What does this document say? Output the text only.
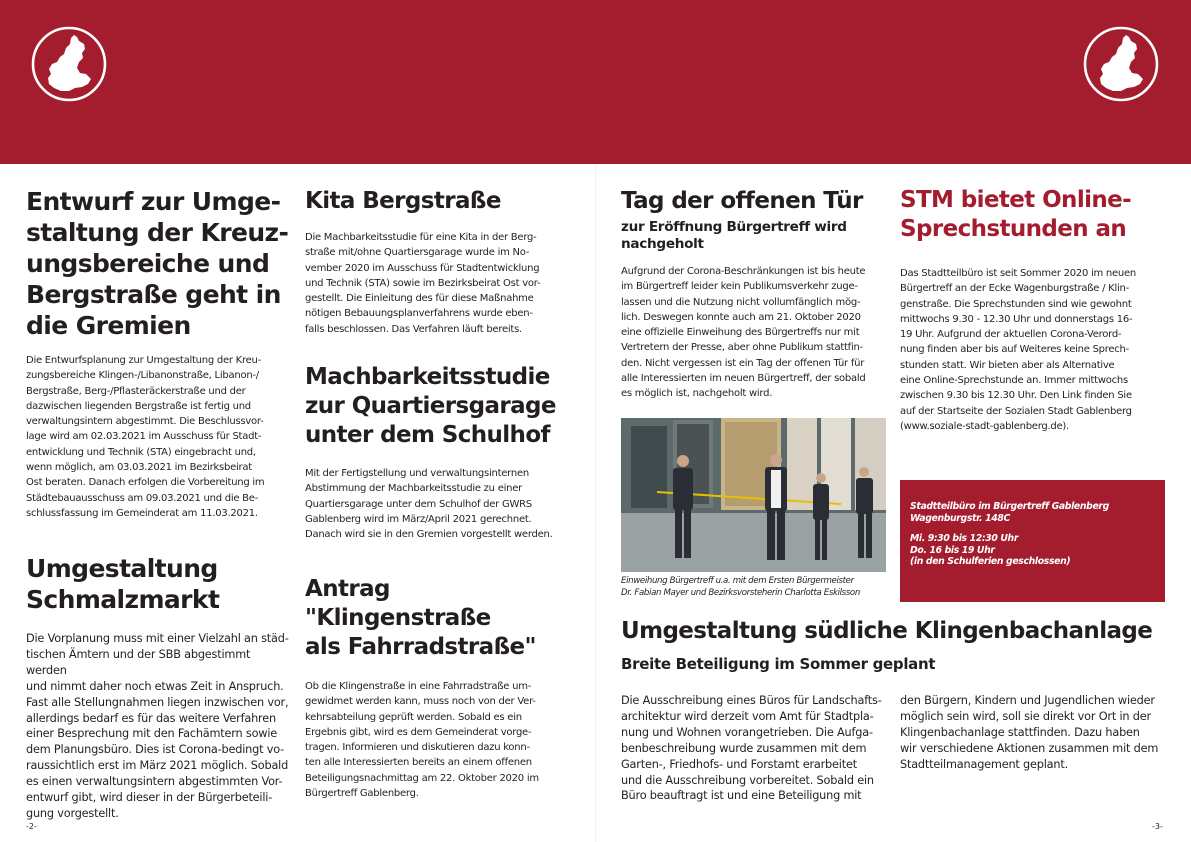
Entwurf zur Umge-
staltung der Kreuz-
ungsbereiche und
Bergstraße geht in
die Gremien

Die Entwurfsplanung zur Umgestaltung der Kreu-
zungsbereiche Klingen-/Libanonstraße, Libanon-/
Bergstraße, Berg-/Pflasteräckerstraße und der
dazwischen liegenden Bergstraße ist fertig und
verwaltungsintern abgestimmt. Die Beschlussvor-
lage wird am 02.03.2021 im Ausschuss für Stadt-
entwicklung und Technik (STA) eingebracht und,
wenn möglich, am 03.03.2021 im Bezirksbeirat
Ost beraten. Danach erfolgen die Vorbereitung im
Städtebauausschuss am 09.03.2021 und die Be-
schlussfassung im Gemeinderat am 11.03.2021.

Umgestaltung
Schmalzmarkt

Die Vorplanung muss mit einer Vielzahl an städ-
tischen Ämtern und der SBB abgestimmt werden
und nimmt daher noch etwas Zeit in Anspruch.
Fast alle Stellungnahmen liegen inzwischen vor,
allerdings bedarf es für das weitere Verfahren
einer Besprechung mit den Fachämtern sowie
dem Planungsbüro. Dies ist Corona-bedingt vo-
raussichtlich erst im März 2021 möglich. Sobald
es einen verwaltungsintern abgestimmten Vor-
entwurf gibt, wird dieser in der Bürgerbeteili-
gung vorgestellt.

Kita Bergstraße

Die Machbarkeitsstudie für eine Kita in der Berg-
straße mit/ohne Quartiersgarage wurde im No-
vember 2020 im Ausschuss für Stadtentwicklung
und Technik (STA) sowie im Bezirksbeirat Ost vor-
gestellt. Die Einleitung des für diese Maßnahme
nötigen Bebauungsplanverfahrens wurde eben-
falls beschlossen. Das Verfahren läuft bereits.

Machbarkeitsstudie
zur Quartiersgarage
unter dem Schulhof

Mit der Fertigstellung und verwaltungsinternen
Abstimmung der Machbarkeitsstudie zu einer
Quartiersgarage unter dem Schulhof der GWRS
Gablenberg wird im März/April 2021 gerechnet.
Danach wird sie in den Gremien vorgestellt werden.

Antrag "Klingenstraße
als Fahrradstraße"

Ob die Klingenstraße in eine Fahrradstraße um-
gewidmet werden kann, muss noch von der Ver-
kehrsabteilung geprüft werden. Sobald es ein
Ergebnis gibt, wird es dem Gemeinderat vorge-
tragen. Informieren und diskutieren dazu konn-
ten alle Interessierten bereits an einem offenen
Beteiligungsnachmittag am 22. Oktober 2020 im
Bürgertreff Gablenberg.

-2-
Tag der offenen Tür
zur Eröffnung Bürgertreff wird
nachgeholt

Aufgrund der Corona-Beschränkungen ist bis heute
im Bürgertreff leider kein Publikumsverkehr zuge-
lassen und die Nutzung nicht vollumfänglich mög-
lich. Deswegen konnte auch am 21. Oktober 2020
eine offizielle Einweihung des Bürgertreffs nur mit
Vertretern der Presse, aber ohne Publikum stattfin-
den. Nicht vergessen ist ein Tag der offenen Tür für
alle Interessierten im neuen Bürgertreff, der sobald
es möglich ist, nachgeholt wird.

Einweihung Bürgertreff u.a. mit dem Ersten Bürgermeister
Dr. Fabian Mayer und Bezirksvorsteherin Charlotta Eskilsson
STM bietet Online-
Sprechstunden an

Das Stadtteilbüro ist seit Sommer 2020 im neuen
Bürgertreff an der Ecke Wagenburgstraße / Klin-
genstraße. Die Sprechstunden sind wie gewohnt
mittwochs 9.30 - 12.30 Uhr und donnerstags 16-
19 Uhr. Aufgrund der aktuellen Corona-Verord-
nung finden aber bis auf Weiteres keine Sprech-
stunden statt. Wir bieten aber als Alternative
eine Online-Sprechstunde an. Immer mittwochs
zwischen 9.30 bis 12.30 Uhr. Den Link finden Sie
auf der Startseite der Sozialen Stadt Gablenberg
(www.soziale-stadt-gablenberg.de).

Stadtteilbüro im Bürgertreff Gablenberg
Wagenburgstr. 148C

Mi. 9:30 bis 12:30 Uhr
Do. 16 bis 19 Uhr
(in den Schulferien geschlossen)

Umgestaltung südliche Klingenbachanlage
Breite Beteiligung im Sommer geplant

Die Ausschreibung eines Büros für Landschafts-
architektur wird derzeit vom Amt für Stadtpla-
nung und Wohnen vorangetrieben. Die Aufga-
benbeschreibung wurde zusammen mit dem
Garten-, Friedhofs- und Forstamt erarbeitet
und die Ausschreibung vorbereitet. Sobald ein
Büro beauftragt ist und eine Beteiligung mit

den Bürgern, Kindern und Jugendlichen wieder
möglich sein wird, soll sie direkt vor Ort in der
Klingenbachanlage stattfinden. Dazu haben
wir verschiedene Aktionen zusammen mit dem
Stadtteilmanagement geplant.

-3-
